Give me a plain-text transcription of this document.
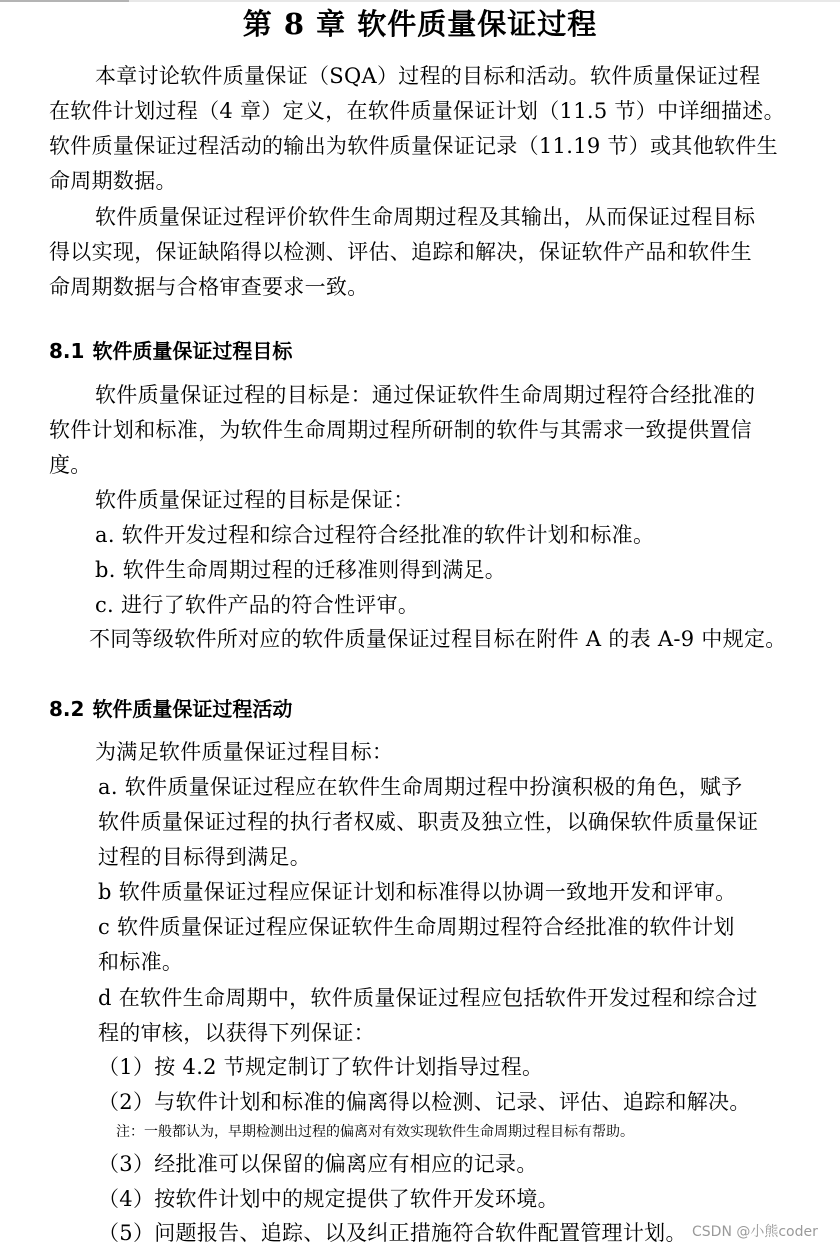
第 8 章 软件质量保证过程
本章讨论软件质量保证（SQA）过程的目标和活动。软件质量保证过程
在软件计划过程（4 章）定义，在软件质量保证计划（11.5 节）中详细描述。
软件质量保证过程活动的输出为软件质量保证记录（11.19 节）或其他软件生
命周期数据。
软件质量保证过程评价软件生命周期过程及其输出，从而保证过程目标
得以实现，保证缺陷得以检测、评估、追踪和解决，保证软件产品和软件生
命周期数据与合格审查要求一致。
8.1 软件质量保证过程目标
软件质量保证过程的目标是：通过保证软件生命周期过程符合经批准的
软件计划和标准，为软件生命周期过程所研制的软件与其需求一致提供置信
度。
软件质量保证过程的目标是保证：
a. 软件开发过程和综合过程符合经批准的软件计划和标准。
b. 软件生命周期过程的迁移准则得到满足。
c. 进行了软件产品的符合性评审。
不同等级软件所对应的软件质量保证过程目标在附件 A 的表 A-9 中规定。
8.2 软件质量保证过程活动
为满足软件质量保证过程目标：
a. 软件质量保证过程应在软件生命周期过程中扮演积极的角色，赋予
软件质量保证过程的执行者权威、职责及独立性，以确保软件质量保证
过程的目标得到满足。
b 软件质量保证过程应保证计划和标准得以协调一致地开发和评审。
c 软件质量保证过程应保证软件生命周期过程符合经批准的软件计划
和标准。
d 在软件生命周期中，软件质量保证过程应包括软件开发过程和综合过
程的审核，以获得下列保证：
（1）按 4.2 节规定制订了软件计划指导过程。
（2）与软件计划和标准的偏离得以检测、记录、评估、追踪和解决。
注：一般都认为，早期检测出过程的偏离对有效实现软件生命周期过程目标有帮助。
（3）经批准可以保留的偏离应有相应的记录。
（4）按软件计划中的规定提供了软件开发环境。
（5）问题报告、追踪、以及纠正措施符合软件配置管理计划。 CSDN @小熊coder
